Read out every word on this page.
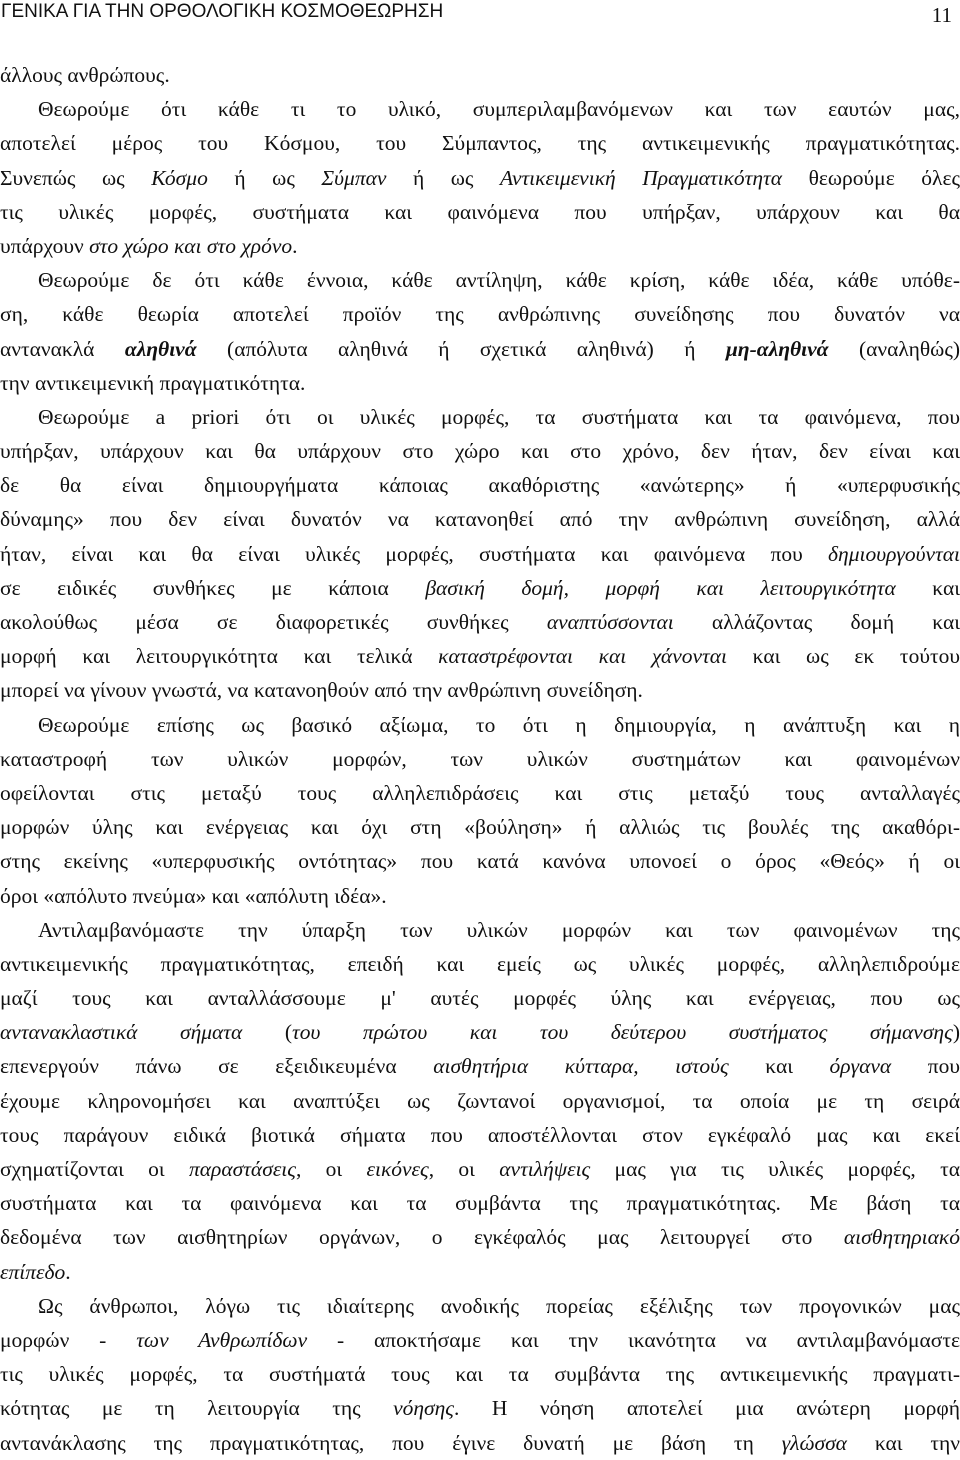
ΓΕΝΙΚΑ ΓΙΑ ΤΗΝ ΟΡΘΟΛΟΓΙΚΗ ΚΟΣΜΟΘΕΩΡΗΣΗ	11
άλλους ανθρώπους.
Θεωρούμε ότι κάθε τι το υλικό, συμπεριλαμβανόμενων και των εαυτών μας,
αποτελεί μέρος του Κόσμου, του Σύμπαντος, της αντικειμενικής πραγματικότητας.
Συνεπώς ως Κόσμο ή ως Σύμπαν ή ως Αντικειμενική Πραγματικότητα θεωρούμε όλες
τις υλικές μορφές, συστήματα και φαινόμενα που υπήρξαν, υπάρχουν και θα
υπάρχουν στο χώρο και στο χρόνο.
Θεωρούμε δε ότι κάθε έννοια, κάθε αντίληψη, κάθε κρίση, κάθε ιδέα, κάθε υπόθε-
ση, κάθε θεωρία αποτελεί προϊόν της ανθρώπινης συνείδησης που δυνατόν να
αντανακλά αληθινά (απόλυτα αληθινά ή σχετικά αληθινά) ή μη-αληθινά (αναληθώς)
την αντικειμενική πραγματικότητα.
Θεωρούμε a priori ότι οι υλικές μορφές, τα συστήματα και τα φαινόμενα, που
υπήρξαν, υπάρχουν και θα υπάρχουν στο χώρο και στο χρόνο, δεν ήταν, δεν είναι και
δε θα είναι δημιουργήματα κάποιας ακαθόριστης «ανώτερης» ή «υπερφυσικής
δύναμης» που δεν είναι δυνατόν να κατανοηθεί από την ανθρώπινη συνείδηση, αλλά
ήταν, είναι και θα είναι υλικές μορφές, συστήματα και φαινόμενα που δημιουργούνται
σε ειδικές συνθήκες με κάποια βασική δομή, μορφή και λειτουργικότητα και
ακολούθως μέσα σε διαφορετικές συνθήκες αναπτύσσονται αλλάζοντας δομή και
μορφή και λειτουργικότητα και τελικά καταστρέφονται και χάνονται και ως εκ τούτου
μπορεί να γίνουν γνωστά, να κατανοηθούν από την ανθρώπινη συνείδηση.
Θεωρούμε επίσης ως βασικό αξίωμα, το ότι η δημιουργία, η ανάπτυξη και η
καταστροφή των υλικών μορφών, των υλικών συστημάτων και φαινομένων
οφείλονται στις μεταξύ τους αλληλεπιδράσεις και στις μεταξύ τους ανταλλαγές
μορφών ύλης και ενέργειας και όχι στη «βούληση» ή αλλιώς τις βουλές της ακαθόρι-
στης εκείνης «υπερφυσικής οντότητας» που κατά κανόνα υπονοεί ο όρος «Θεός» ή οι
όροι «απόλυτο πνεύμα» και «απόλυτη ιδέα».
Αντιλαμβανόμαστε την ύπαρξη των υλικών μορφών και των φαινομένων της
αντικειμενικής πραγματικότητας, επειδή και εμείς ως υλικές μορφές, αλληλεπιδρούμε
μαζί τους και ανταλλάσσουμε μ' αυτές μορφές ύλης και ενέργειας, που ως
αντανακλαστικά σήματα (του πρώτου και του δεύτερου συστήματος σήμανσης)
επενεργούν πάνω σε εξειδικευμένα αισθητήρια κύτταρα, ιστούς και όργανα που
έχουμε κληρονομήσει και αναπτύξει ως ζωντανοί οργανισμοί, τα οποία με τη σειρά
τους παράγουν ειδικά βιοτικά σήματα που αποστέλλονται στον εγκέφαλό μας και εκεί
σχηματίζονται οι παραστάσεις, οι εικόνες, οι αντιλήψεις μας για τις υλικές μορφές, τα
συστήματα και τα φαινόμενα και τα συμβάντα της πραγματικότητας. Με βάση τα
δεδομένα των αισθητηρίων οργάνων, ο εγκέφαλός μας λειτουργεί στο αισθητηριακό
επίπεδο.
Ως άνθρωποι, λόγω τις ιδιαίτερης ανοδικής πορείας εξέλιξης των προγονικών μας
μορφών - των Ανθρωπίδων - αποκτήσαμε και την ικανότητα να αντιλαμβανόμαστε
τις υλικές μορφές, τα συστήματά τους και τα συμβάντα της αντικειμενικής πραγματι-
κότητας με τη λειτουργία της νόησης. Η νόηση αποτελεί μια ανώτερη μορφή
αντανάκλασης της πραγματικότητας, που έγινε δυνατή με βάση τη γλώσσα και την
